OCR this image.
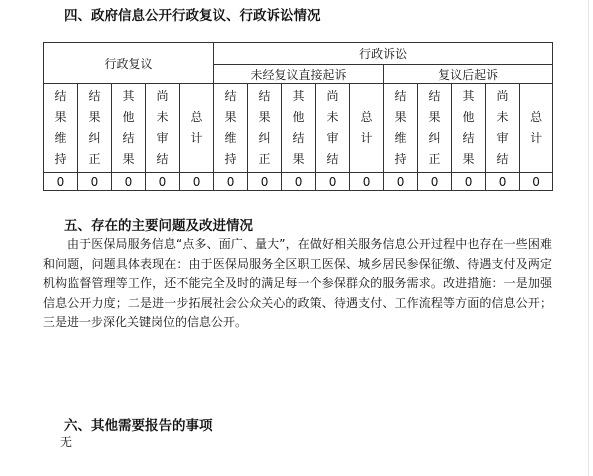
四、政府信息公开行政复议、行政诉讼情况
行政复议					行政诉讼									
					未经复议直接起诉					复议后起诉				
结果维持	结果纠正	其他结果	尚未审结	总计	结果维持	结果纠正	其他结果	尚未审结	总计	结果维持	结果纠正	其他结果	尚未审结	总计
0	0	0	0	0	0	0	0	0	0	0	0	0	0	0
五、存在的主要问题及改进情况
由于医保局服务信息“点多、面广、量大”，在做好相关服务信息公开过程中也存在一些困难和问题，问题具体表现在：由于医保局服务全区职工医保、城乡居民参保征缴、待遇支付及两定机构监督管理等工作，还不能完全及时的满足每一个参保群众的服务需求。改进措施：一是加强信息公开力度；二是进一步拓展社会公众关心的政策、待遇支付、工作流程等方面的信息公开；三是进一步深化关键岗位的信息公开。
六、其他需要报告的事项
无
